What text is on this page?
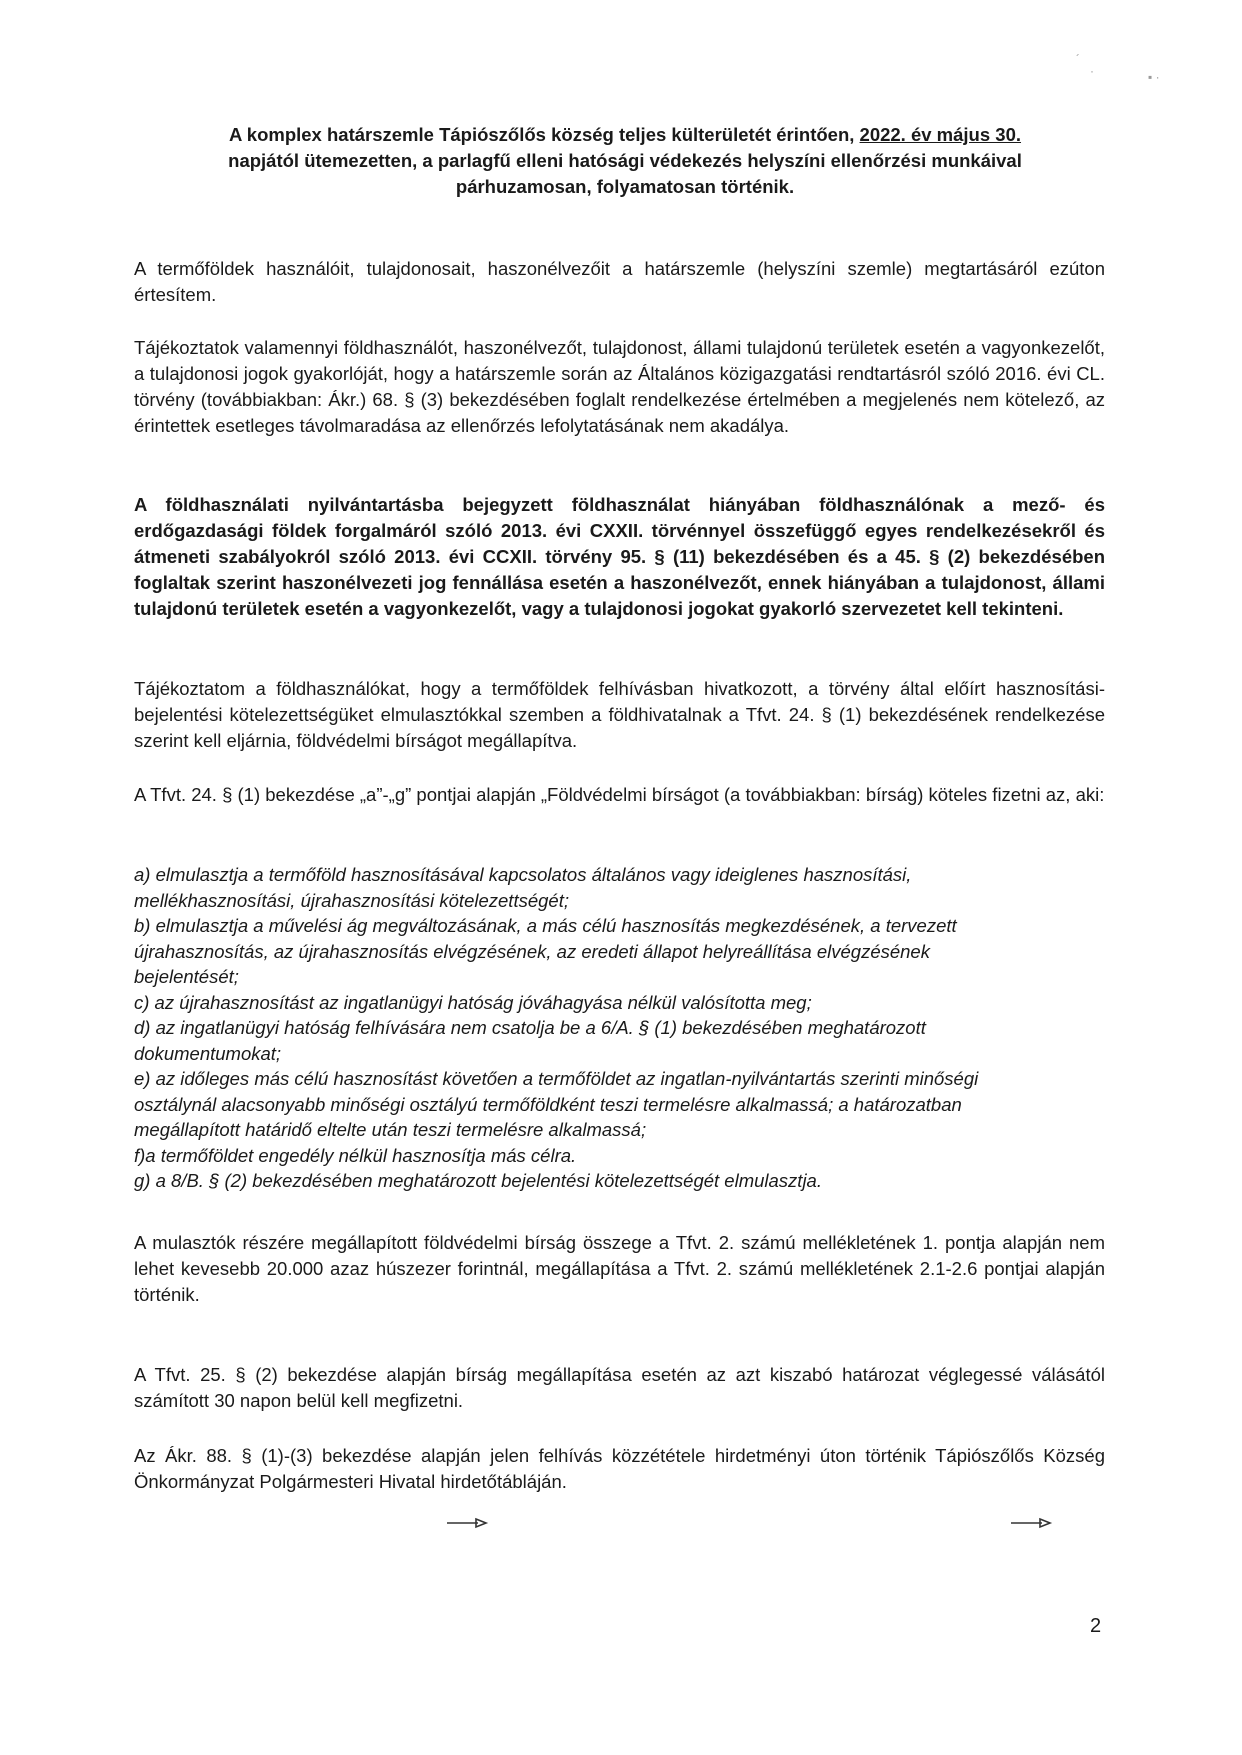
´
·	▪ ·
A komplex határszemle Tápiószőlős község teljes külterületét érintően, 2022. év május 30.
napjától ütemezetten, a parlagfű elleni hatósági védekezés helyszíni ellenőrzési munkáival
párhuzamosan, folyamatosan történik.

A termőföldek használóit, tulajdonosait, haszonélvezőit a határszemle (helyszíni szemle) megtartásáról ezúton értesítem.

Tájékoztatok valamennyi földhasználót, haszonélvezőt, tulajdonost, állami tulajdonú területek esetén a vagyonkezelőt, a tulajdonosi jogok gyakorlóját, hogy a határszemle során az Általános közigazgatási rendtartásról szóló 2016. évi CL. törvény (továbbiakban: Ákr.) 68. § (3) bekezdésében foglalt rendelkezése értelmében a megjelenés nem kötelező, az érintettek esetleges távolmaradása az ellenőrzés lefolytatásának nem akadálya.

A földhasználati nyilvántartásba bejegyzett földhasználat hiányában földhasználónak a mező- és erdőgazdasági földek forgalmáról szóló 2013. évi CXXII. törvénnyel összefüggő egyes rendelkezésekről és átmeneti szabályokról szóló 2013. évi CCXII. törvény 95. § (11) bekezdésében és a 45. § (2) bekezdésében foglaltak szerint haszonélvezeti jog fennállása esetén a haszonélvezőt, ennek hiányában a tulajdonost, állami tulajdonú területek esetén a vagyonkezelőt, vagy a tulajdonosi jogokat gyakorló szervezetet kell tekinteni.

Tájékoztatom a földhasználókat, hogy a termőföldek felhívásban hivatkozott, a törvény által előírt hasznosítási- bejelentési kötelezettségüket elmulasztókkal szemben a földhivatalnak a Tfvt. 24. § (1) bekezdésének rendelkezése szerint kell eljárnia, földvédelmi bírságot megállapítva.

A Tfvt. 24. § (1) bekezdése „a”-„g” pontjai alapján „Földvédelmi bírságot (a továbbiakban: bírság) köteles fizetni az, aki:

a) elmulasztja a termőföld hasznosításával kapcsolatos általános vagy ideiglenes hasznosítási,
mellékhasznosítási, újrahasznosítási kötelezettségét;
b) elmulasztja a művelési ág megváltozásának, a más célú hasznosítás megkezdésének, a tervezett
újrahasznosítás, az újrahasznosítás elvégzésének, az eredeti állapot helyreállítása elvégzésének
bejelentését;
c) az újrahasznosítást az ingatlanügyi hatóság jóváhagyása nélkül valósította meg;
d) az ingatlanügyi hatóság felhívására nem csatolja be a 6/A. § (1) bekezdésében meghatározott
dokumentumokat;
e) az időleges más célú hasznosítást követően a termőföldet az ingatlan-nyilvántartás szerinti minőségi
osztálynál alacsonyabb minőségi osztályú termőföldként teszi termelésre alkalmassá; a határozatban
megállapított határidő eltelte után teszi termelésre alkalmassá;
f)a termőföldet engedély nélkül hasznosítja más célra.
g) a 8/B. § (2) bekezdésében meghatározott bejelentési kötelezettségét elmulasztja.

A mulasztók részére megállapított földvédelmi bírság összege a Tfvt. 2. számú mellékletének 1. pontja alapján nem lehet kevesebb 20.000 azaz húszezer forintnál, megállapítása a Tfvt. 2. számú mellékletének 2.1-2.6 pontjai alapján történik.

A Tfvt. 25. § (2) bekezdése alapján bírság megállapítása esetén az azt kiszabó határozat véglegessé válásától számított 30 napon belül kell megfizetni.

Az Ákr. 88. § (1)-(3) bekezdése alapján jelen felhívás közzététele hirdetményi úton történik Tápiószőlős Község Önkormányzat Polgármesteri Hivatal hirdetőtábláján.

2
